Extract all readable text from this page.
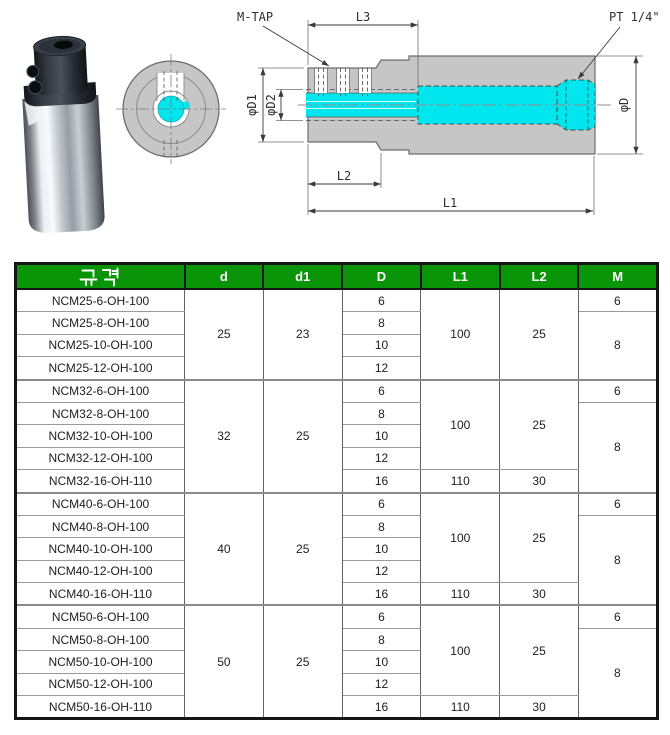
L3
M-TAP	PT 1/4"
φD1 φD2	φD
L2
L1
	d	d1	D	L1	L2	M
NCM25-6-OH-100	25	23	6	100	25	6
NCM25-8-OH-100			8			8
NCM25-10-OH-100			10			
NCM25-12-OH-100			12			
NCM32-6-OH-100	32	25	6	100	25	6
NCM32-8-OH-100			8			8
NCM32-10-OH-100			10			
NCM32-12-OH-100			12			
NCM32-16-OH-110			16	110	30	
NCM40-6-OH-100	40	25	6	100	25	6
NCM40-8-OH-100			8			8
NCM40-10-OH-100			10			
NCM40-12-OH-100			12			
NCM40-16-OH-110			16	110	30	
NCM50-6-OH-100	50	25	6	100	25	6
NCM50-8-OH-100			8			8
NCM50-10-OH-100			10			
NCM50-12-OH-100			12			
NCM50-16-OH-110			16	110	30	
